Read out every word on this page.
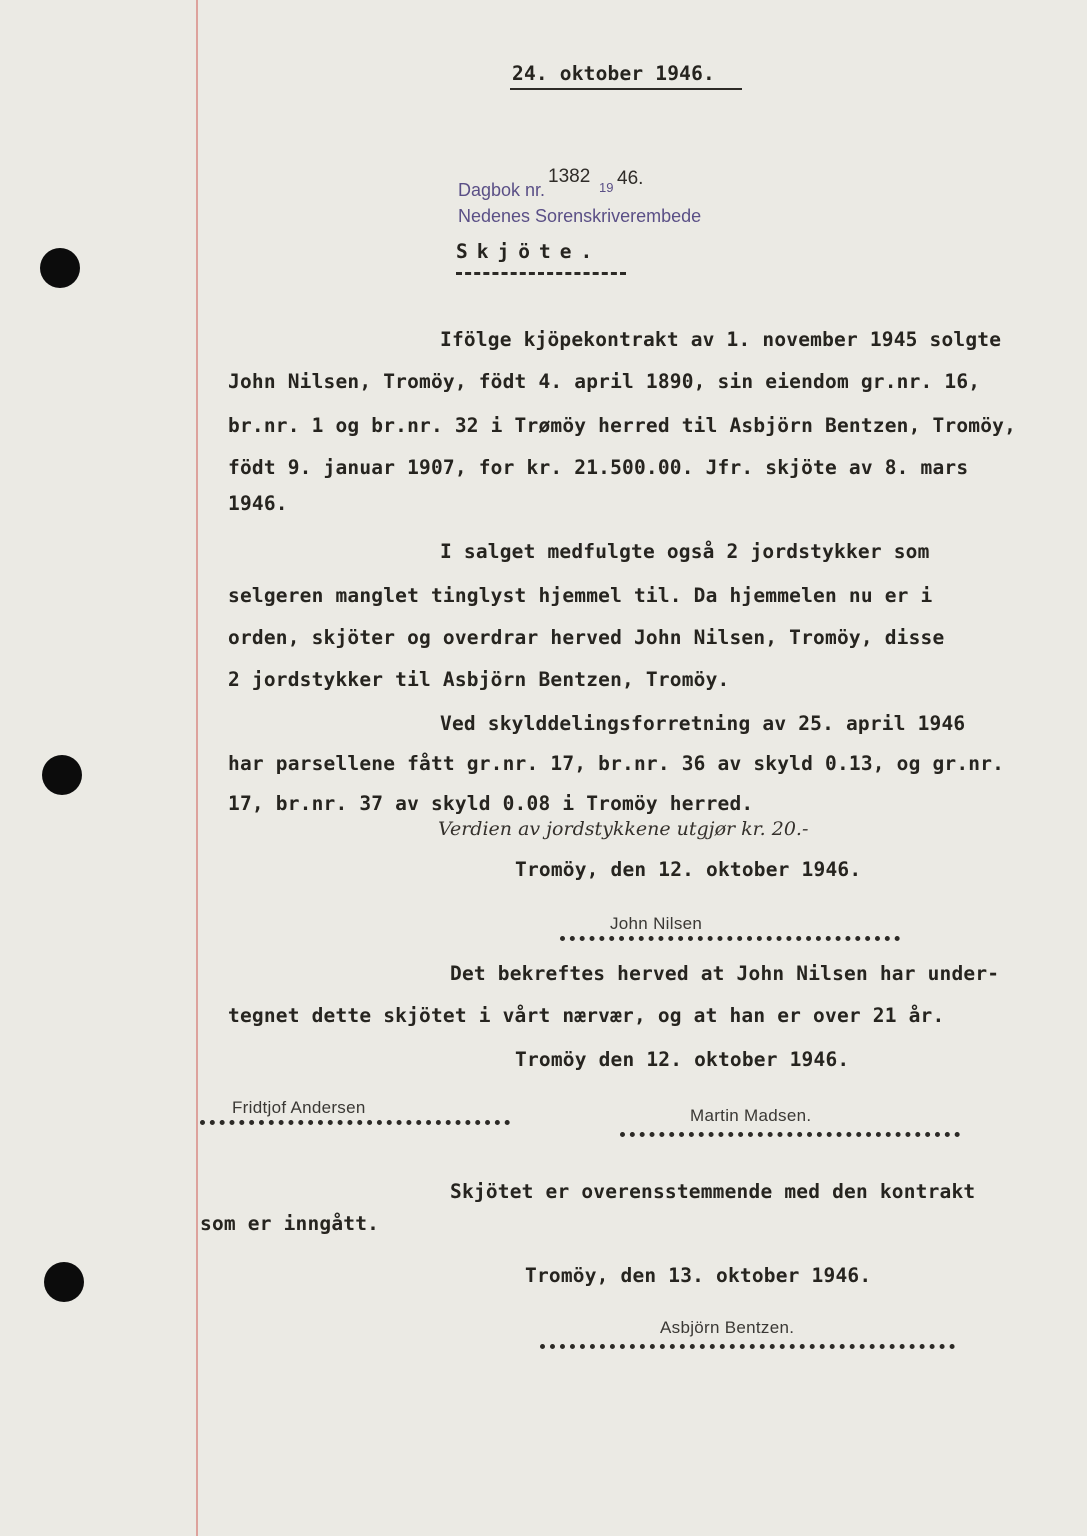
24. oktober 1946.
Dagbok nr.
1382
19 46.
Nedenes Sorenskriverembede
Skjöte.
Ifölge kjöpekontrakt av 1. november 1945 solgte
John Nilsen, Tromöy, födt 4. april 1890, sin eiendom gr.nr. 16,
br.nr. 1 og br.nr. 32 i Trømöy herred til Asbjörn Bentzen, Tromöy,
födt 9. januar 1907, for kr. 21.500.00. Jfr. skjöte av 8. mars
1946.
I salget medfulgte også 2 jordstykker som
selgeren manglet tinglyst hjemmel til. Da hjemmelen nu er i
orden, skjöter og overdrar herved John Nilsen, Tromöy, disse
2 jordstykker til Asbjörn Bentzen, Tromöy.
Ved skylddelingsforretning av 25. april 1946
har parsellene fått gr.nr. 17, br.nr. 36 av skyld 0.13, og gr.nr.
17, br.nr. 37 av skyld 0.08 i Tromöy herred.
Verdien av jordstykkene utgjør kr. 20.-
Tromöy, den 12. oktober 1946.
John Nilsen
Det bekreftes herved at John Nilsen har under-
tegnet dette skjötet i vårt nærvær, og at han er over 21 år.
Tromöy den 12. oktober 1946.
Fridtjof Andersen	Martin Madsen.
Skjötet er overensstemmende med den kontrakt
som er inngått.
Tromöy, den 13. oktober 1946.
Asbjörn Bentzen.
